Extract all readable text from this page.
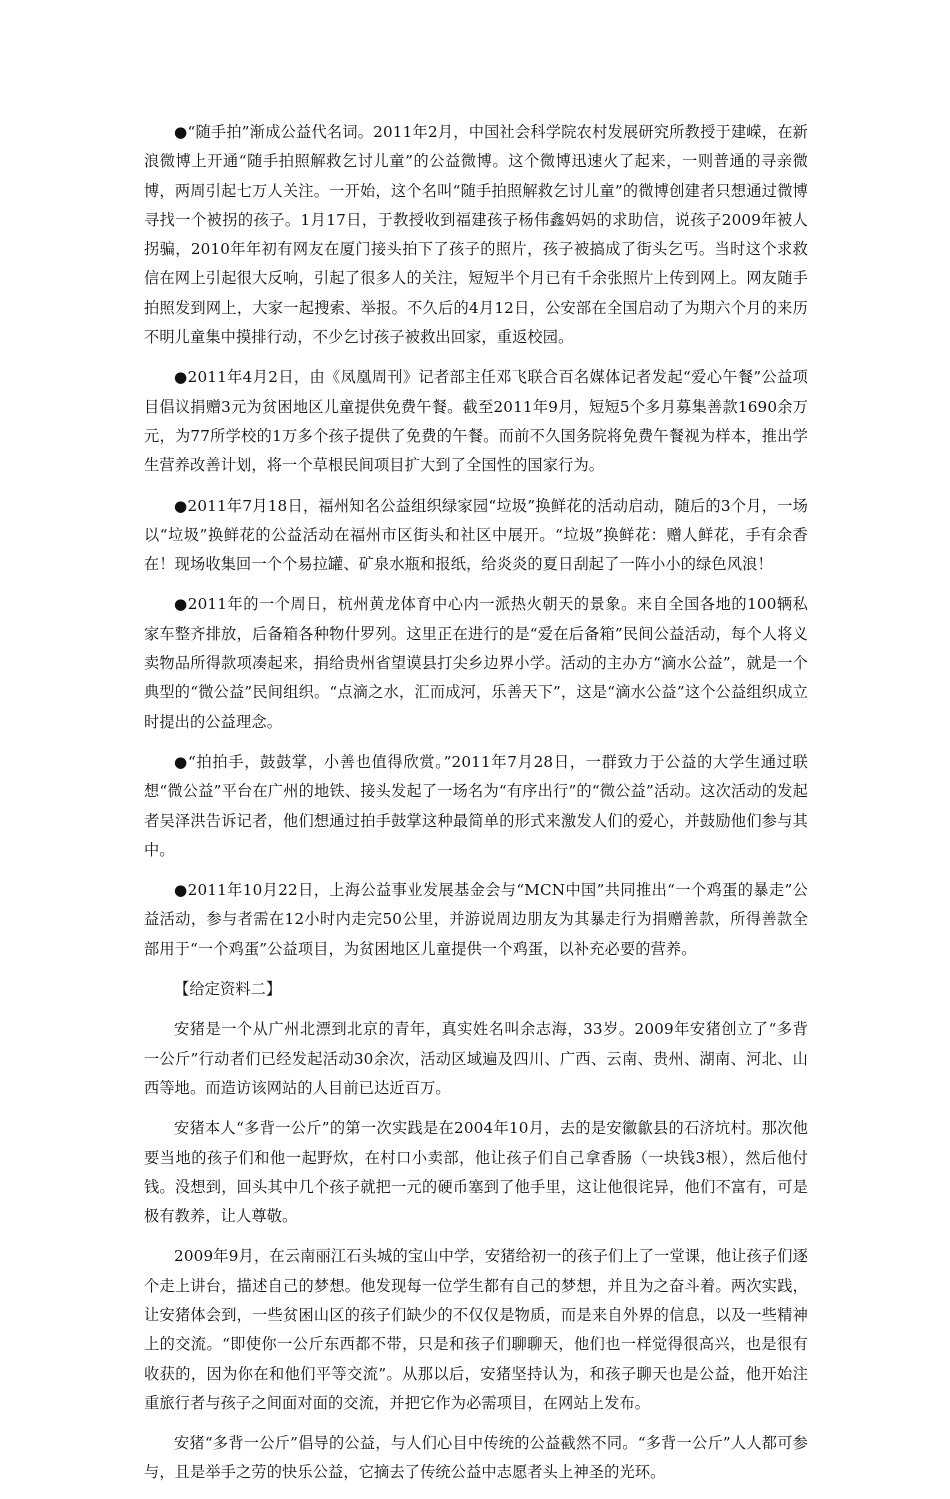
●“随手拍”渐成公益代名词。2011年2月，中国社会科学院农村发展研究所教授于建嵘，在新浪微博上开通“随手拍照解救乞讨儿童”的公益微博。这个微博迅速火了起来，一则普通的寻亲微博，两周引起七万人关注。一开始，这个名叫“随手拍照解救乞讨儿童”的微博创建者只想通过微博寻找一个被拐的孩子。1月17日，于教授收到福建孩子杨伟鑫妈妈的求助信，说孩子2009年被人拐骗，2010年年初有网友在厦门接头拍下了孩子的照片，孩子被搞成了街头乞丐。当时这个求救信在网上引起很大反响，引起了很多人的关注，短短半个月已有千余张照片上传到网上。网友随手拍照发到网上，大家一起搜索、举报。不久后的4月12日，公安部在全国启动了为期六个月的来历不明儿童集中摸排行动，不少乞讨孩子被救出回家，重返校园。

●2011年4月2日，由《凤凰周刊》记者部主任邓飞联合百名媒体记者发起“爱心午餐”公益项目倡议捐赠3元为贫困地区儿童提供免费午餐。截至2011年9月，短短5个多月募集善款1690余万元，为77所学校的1万多个孩子提供了免费的午餐。而前不久国务院将免费午餐视为样本，推出学生营养改善计划，将一个草根民间项目扩大到了全国性的国家行为。

●2011年7月18日，福州知名公益组织绿家园“垃圾”换鲜花的活动启动，随后的3个月，一场以“垃圾”换鲜花的公益活动在福州市区街头和社区中展开。“垃圾”换鲜花：赠人鲜花，手有余香在！现场收集回一个个易拉罐、矿泉水瓶和报纸，给炎炎的夏日刮起了一阵小小的绿色风浪！

●2011年的一个周日，杭州黄龙体育中心内一派热火朝天的景象。来自全国各地的100辆私家车整齐排放，后备箱各种物什罗列。这里正在进行的是“爱在后备箱”民间公益活动，每个人将义卖物品所得款项凑起来，捐给贵州省望谟县打尖乡边界小学。活动的主办方“滴水公益”，就是一个典型的“微公益”民间组织。“点滴之水，汇而成河，乐善天下”，这是“滴水公益”这个公益组织成立时提出的公益理念。

●“拍拍手，鼓鼓掌，小善也值得欣赏。”2011年7月28日，一群致力于公益的大学生通过联想“微公益”平台在广州的地铁、接头发起了一场名为“有序出行”的“微公益”活动。这次活动的发起者吴泽洪告诉记者，他们想通过拍手鼓掌这种最简单的形式来激发人们的爱心，并鼓励他们参与其中。

●2011年10月22日，上海公益事业发展基金会与“MCN中国”共同推出“一个鸡蛋的暴走”公益活动，参与者需在12小时内走完50公里，并游说周边朋友为其暴走行为捐赠善款，所得善款全部用于“一个鸡蛋”公益项目，为贫困地区儿童提供一个鸡蛋，以补充必要的营养。

【给定资料二】

安猪是一个从广州北漂到北京的青年，真实姓名叫余志海，33岁。2009年安猪创立了“多背一公斤”行动者们已经发起活动30余次，活动区域遍及四川、广西、云南、贵州、湖南、河北、山西等地。而造访该网站的人目前已达近百万。

安猪本人“多背一公斤”的第一次实践是在2004年10月，去的是安徽歙县的石济坑村。那次他要当地的孩子们和他一起野炊，在村口小卖部，他让孩子们自己拿香肠（一块钱3根），然后他付钱。没想到，回头其中几个孩子就把一元的硬币塞到了他手里，这让他很诧异，他们不富有，可是极有教养，让人尊敬。

2009年9月，在云南丽江石头城的宝山中学，安猪给初一的孩子们上了一堂课，他让孩子们逐个走上讲台，描述自己的梦想。他发现每一位学生都有自己的梦想，并且为之奋斗着。两次实践，让安猪体会到，一些贫困山区的孩子们缺少的不仅仅是物质，而是来自外界的信息，以及一些精神上的交流。“即使你一公斤东西都不带，只是和孩子们聊聊天，他们也一样觉得很高兴，也是很有收获的，因为你在和他们平等交流”。从那以后，安猪坚持认为，和孩子聊天也是公益，他开始注重旅行者与孩子之间面对面的交流，并把它作为必需项目，在网站上发布。

安猪“多背一公斤”倡导的公益，与人们心目中传统的公益截然不同。“多背一公斤”人人都可参与，且是举手之劳的快乐公益，它摘去了传统公益中志愿者头上神圣的光环。
